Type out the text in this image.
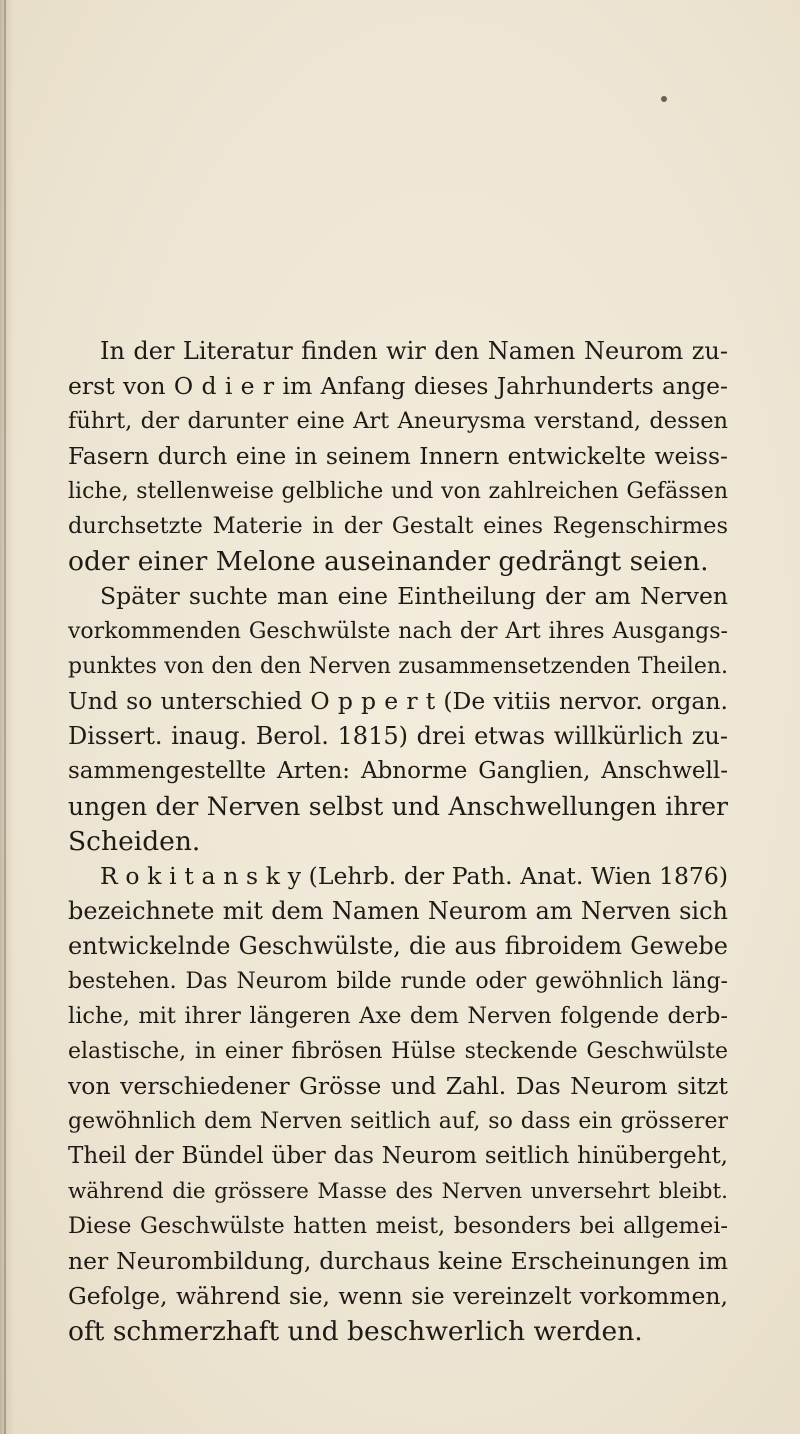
In der Literatur finden wir den Namen Neurom zu-
erst von O d i e r im Anfang dieses Jahrhunderts ange-
führt, der darunter eine Art Aneurysma verstand, dessen
Fasern durch eine in seinem Innern entwickelte weiss-
liche, stellenweise gelbliche und von zahlreichen Gefässen
durchsetzte Materie in der Gestalt eines Regenschirmes
oder einer Melone auseinander gedrängt seien.
Später suchte man eine Eintheilung der am Nerven
vorkommenden Geschwülste nach der Art ihres Ausgangs-
punktes von den den Nerven zusammensetzenden Theilen.
Und so unterschied O p p e r t (De vitiis nervor. organ.
Dissert. inaug. Berol. 1815) drei etwas willkürlich zu-
sammengestellte Arten: Abnorme Ganglien, Anschwell-
ungen der Nerven selbst und Anschwellungen ihrer
Scheiden.
R o k i t a n s k y (Lehrb. der Path. Anat. Wien 1876)
bezeichnete mit dem Namen Neurom am Nerven sich
entwickelnde Geschwülste, die aus fibroidem Gewebe
bestehen. Das Neurom bilde runde oder gewöhnlich läng-
liche, mit ihrer längeren Axe dem Nerven folgende derb-
elastische, in einer fibrösen Hülse steckende Geschwülste
von verschiedener Grösse und Zahl. Das Neurom sitzt
gewöhnlich dem Nerven seitlich auf, so dass ein grösserer
Theil der Bündel über das Neurom seitlich hinübergeht,
während die grössere Masse des Nerven unversehrt bleibt.
Diese Geschwülste hatten meist, besonders bei allgemei-
ner Neurombildung, durchaus keine Erscheinungen im
Gefolge, während sie, wenn sie vereinzelt vorkommen,
oft schmerzhaft und beschwerlich werden.
